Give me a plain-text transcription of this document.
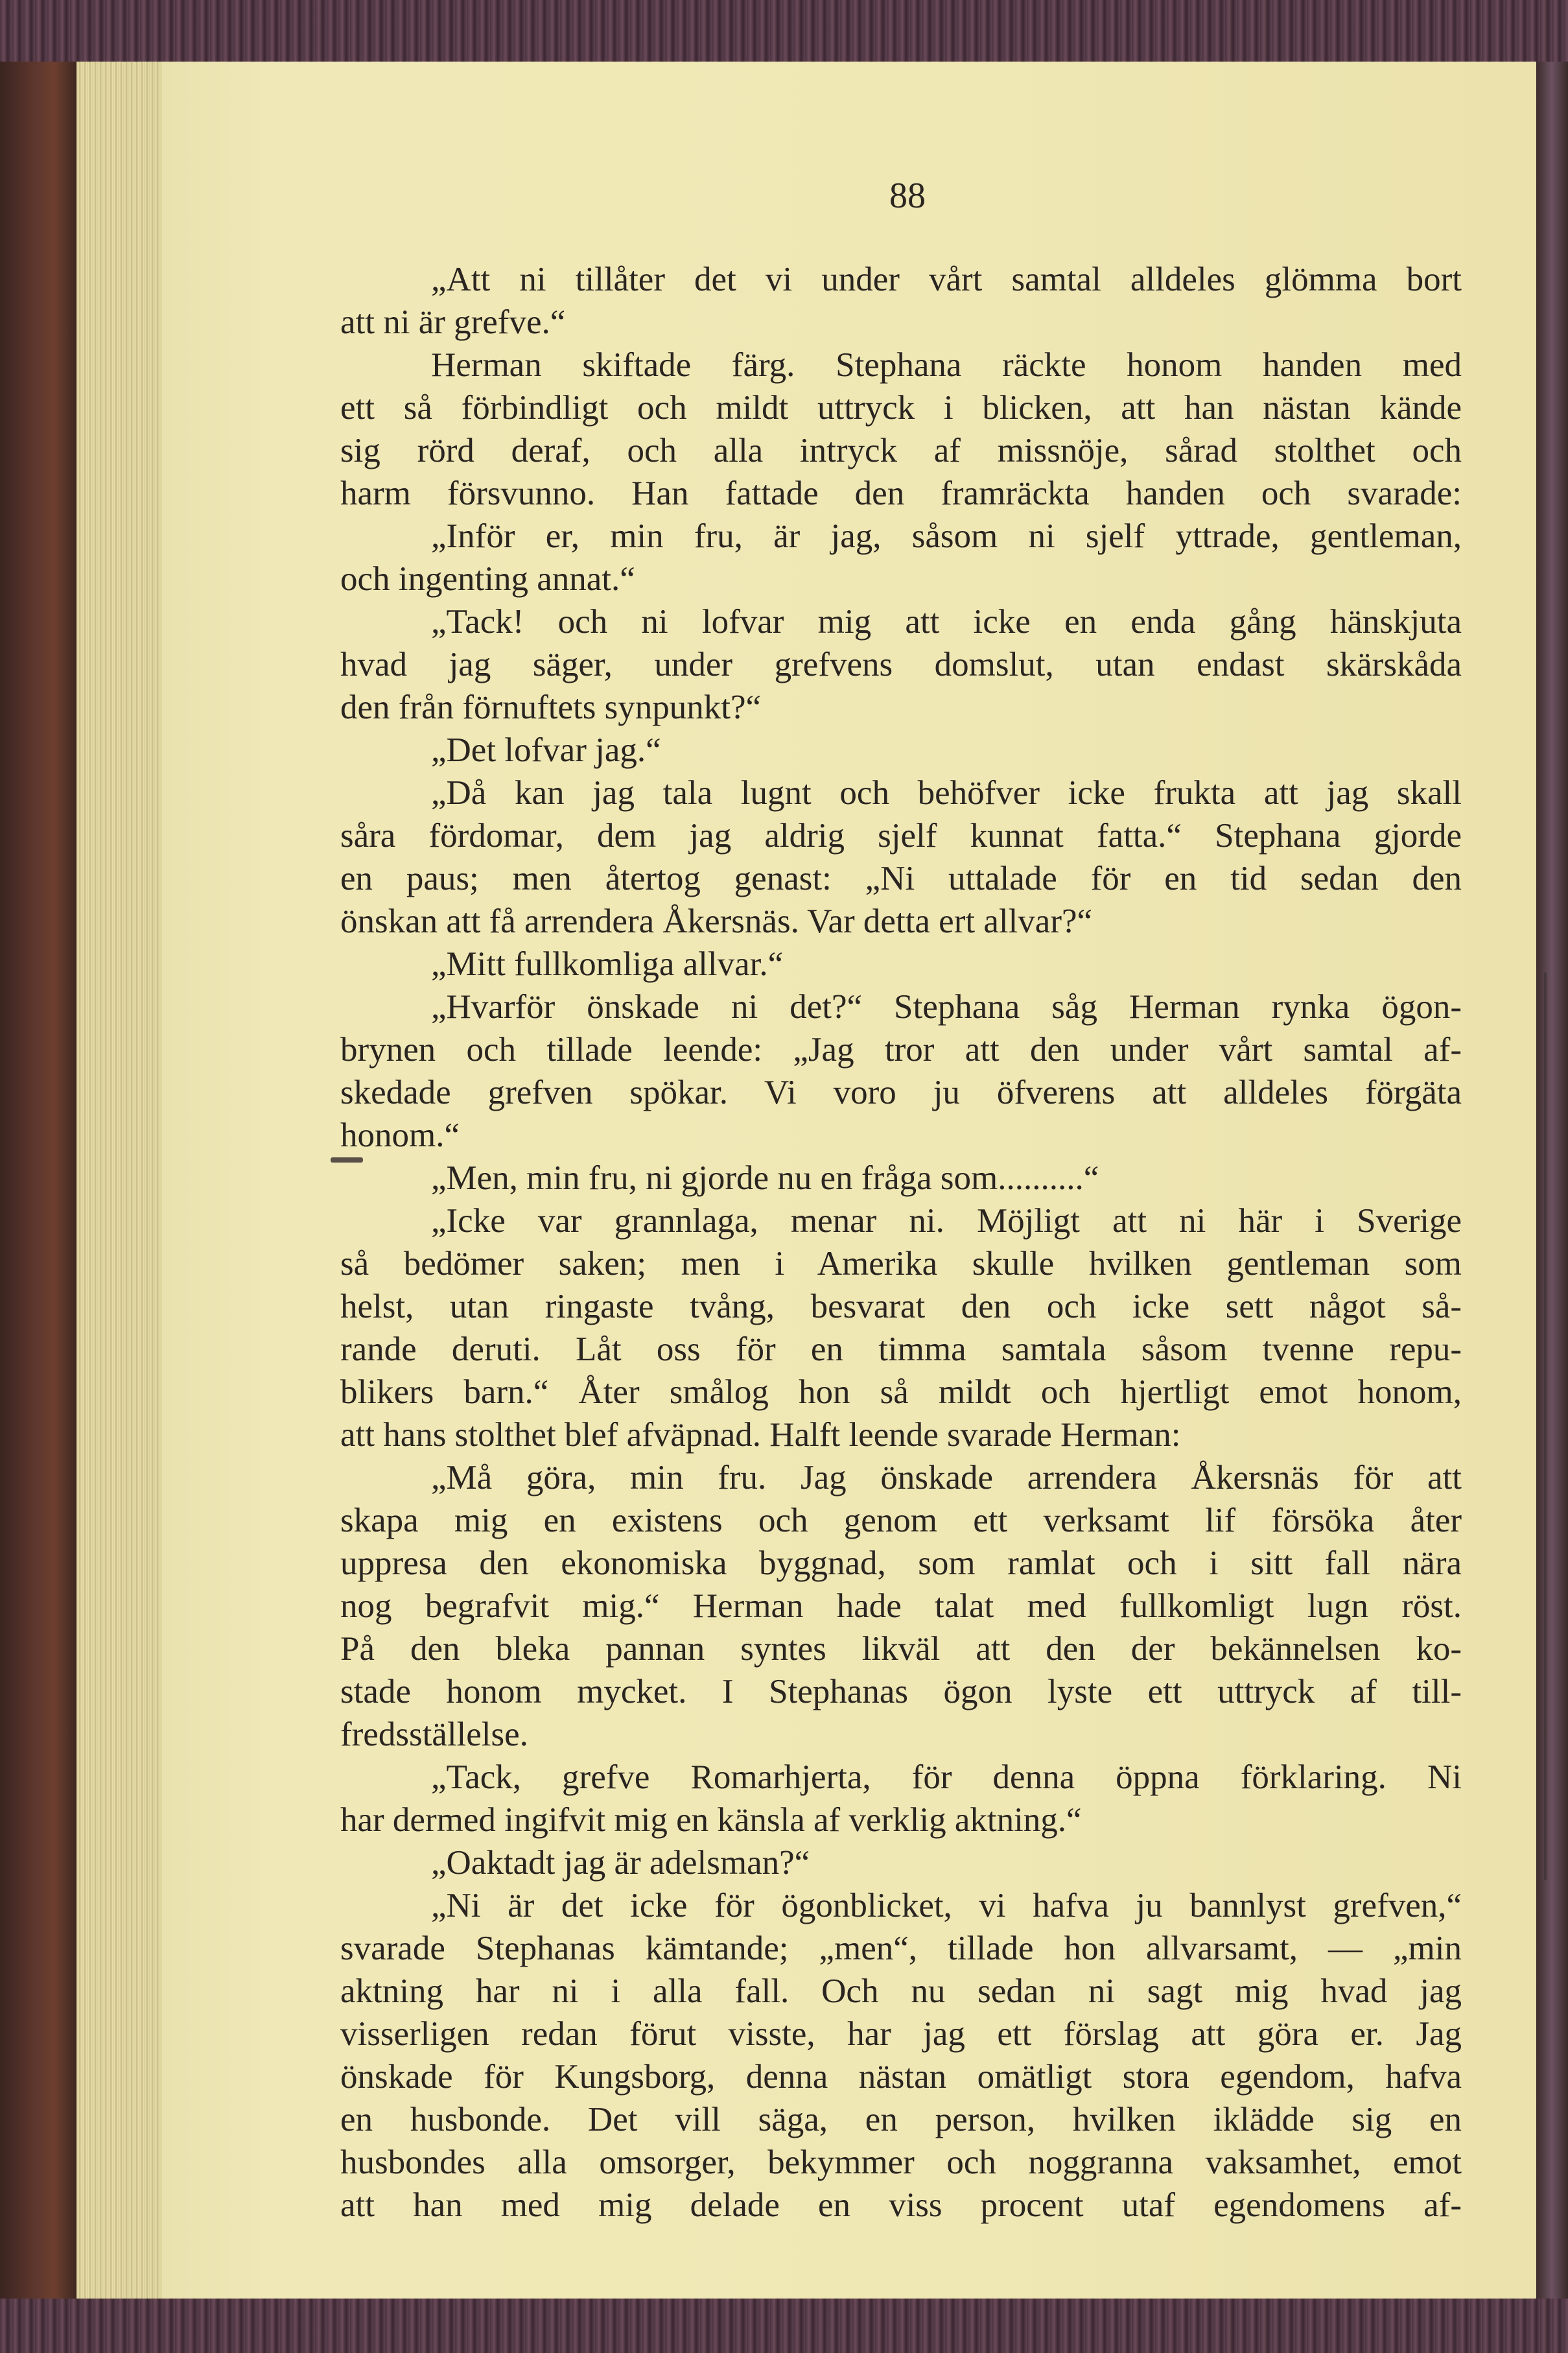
88
„Att ni tillåter det vi under vårt samtal alldeles glömma bort
att ni är grefve.“
Herman skiftade färg. Stephana räckte honom handen med
ett så förbindligt och mildt uttryck i blicken, att han nästan kände
sig rörd deraf, och alla intryck af missnöje, sårad stolthet och
harm försvunno. Han fattade den framräckta handen och svarade:
„Inför er, min fru, är jag, såsom ni sjelf yttrade, gentleman,
och ingenting annat.“
„Tack! och ni lofvar mig att icke en enda gång hänskjuta
hvad jag säger, under grefvens domslut, utan endast skärskåda
den från förnuftets synpunkt?“
„Det lofvar jag.“
„Då kan jag tala lugnt och behöfver icke frukta att jag skall
såra fördomar, dem jag aldrig sjelf kunnat fatta.“ Stephana gjorde
en paus; men återtog genast: „Ni uttalade för en tid sedan den
önskan att få arrendera Åkersnäs. Var detta ert allvar?“
„Mitt fullkomliga allvar.“
„Hvarför önskade ni det?“ Stephana såg Herman rynka ögon-
brynen och tillade leende: „Jag tror att den under vårt samtal af-
skedade grefven spökar. Vi voro ju öfverens att alldeles förgäta
honom.“
„Men, min fru, ni gjorde nu en fråga som..........“
„Icke var grannlaga, menar ni. Möjligt att ni här i Sverige
så bedömer saken; men i Amerika skulle hvilken gentleman som
helst, utan ringaste tvång, besvarat den och icke sett något så-
rande deruti. Låt oss för en timma samtala såsom tvenne repu-
blikers barn.“ Åter smålog hon så mildt och hjertligt emot honom,
att hans stolthet blef afväpnad. Halft leende svarade Herman:
„Må göra, min fru. Jag önskade arrendera Åkersnäs för att
skapa mig en existens och genom ett verksamt lif försöka åter
uppresa den ekonomiska byggnad, som ramlat och i sitt fall nära
nog begrafvit mig.“ Herman hade talat med fullkomligt lugn röst.
På den bleka pannan syntes likväl att den der bekännelsen ko-
stade honom mycket. I Stephanas ögon lyste ett uttryck af till-
fredsställelse.
„Tack, grefve Romarhjerta, för denna öppna förklaring. Ni
har dermed ingifvit mig en känsla af verklig aktning.“
„Oaktadt jag är adelsman?“
„Ni är det icke för ögonblicket, vi hafva ju bannlyst grefven,“
svarade Stephanas kämtande; „men“, tillade hon allvarsamt, — „min
aktning har ni i alla fall. Och nu sedan ni sagt mig hvad jag
visserligen redan förut visste, har jag ett förslag att göra er. Jag
önskade för Kungsborg, denna nästan omätligt stora egendom, hafva
en husbonde. Det vill säga, en person, hvilken iklädde sig en
husbondes alla omsorger, bekymmer och noggranna vaksamhet, emot
att han med mig delade en viss procent utaf egendomens af-
